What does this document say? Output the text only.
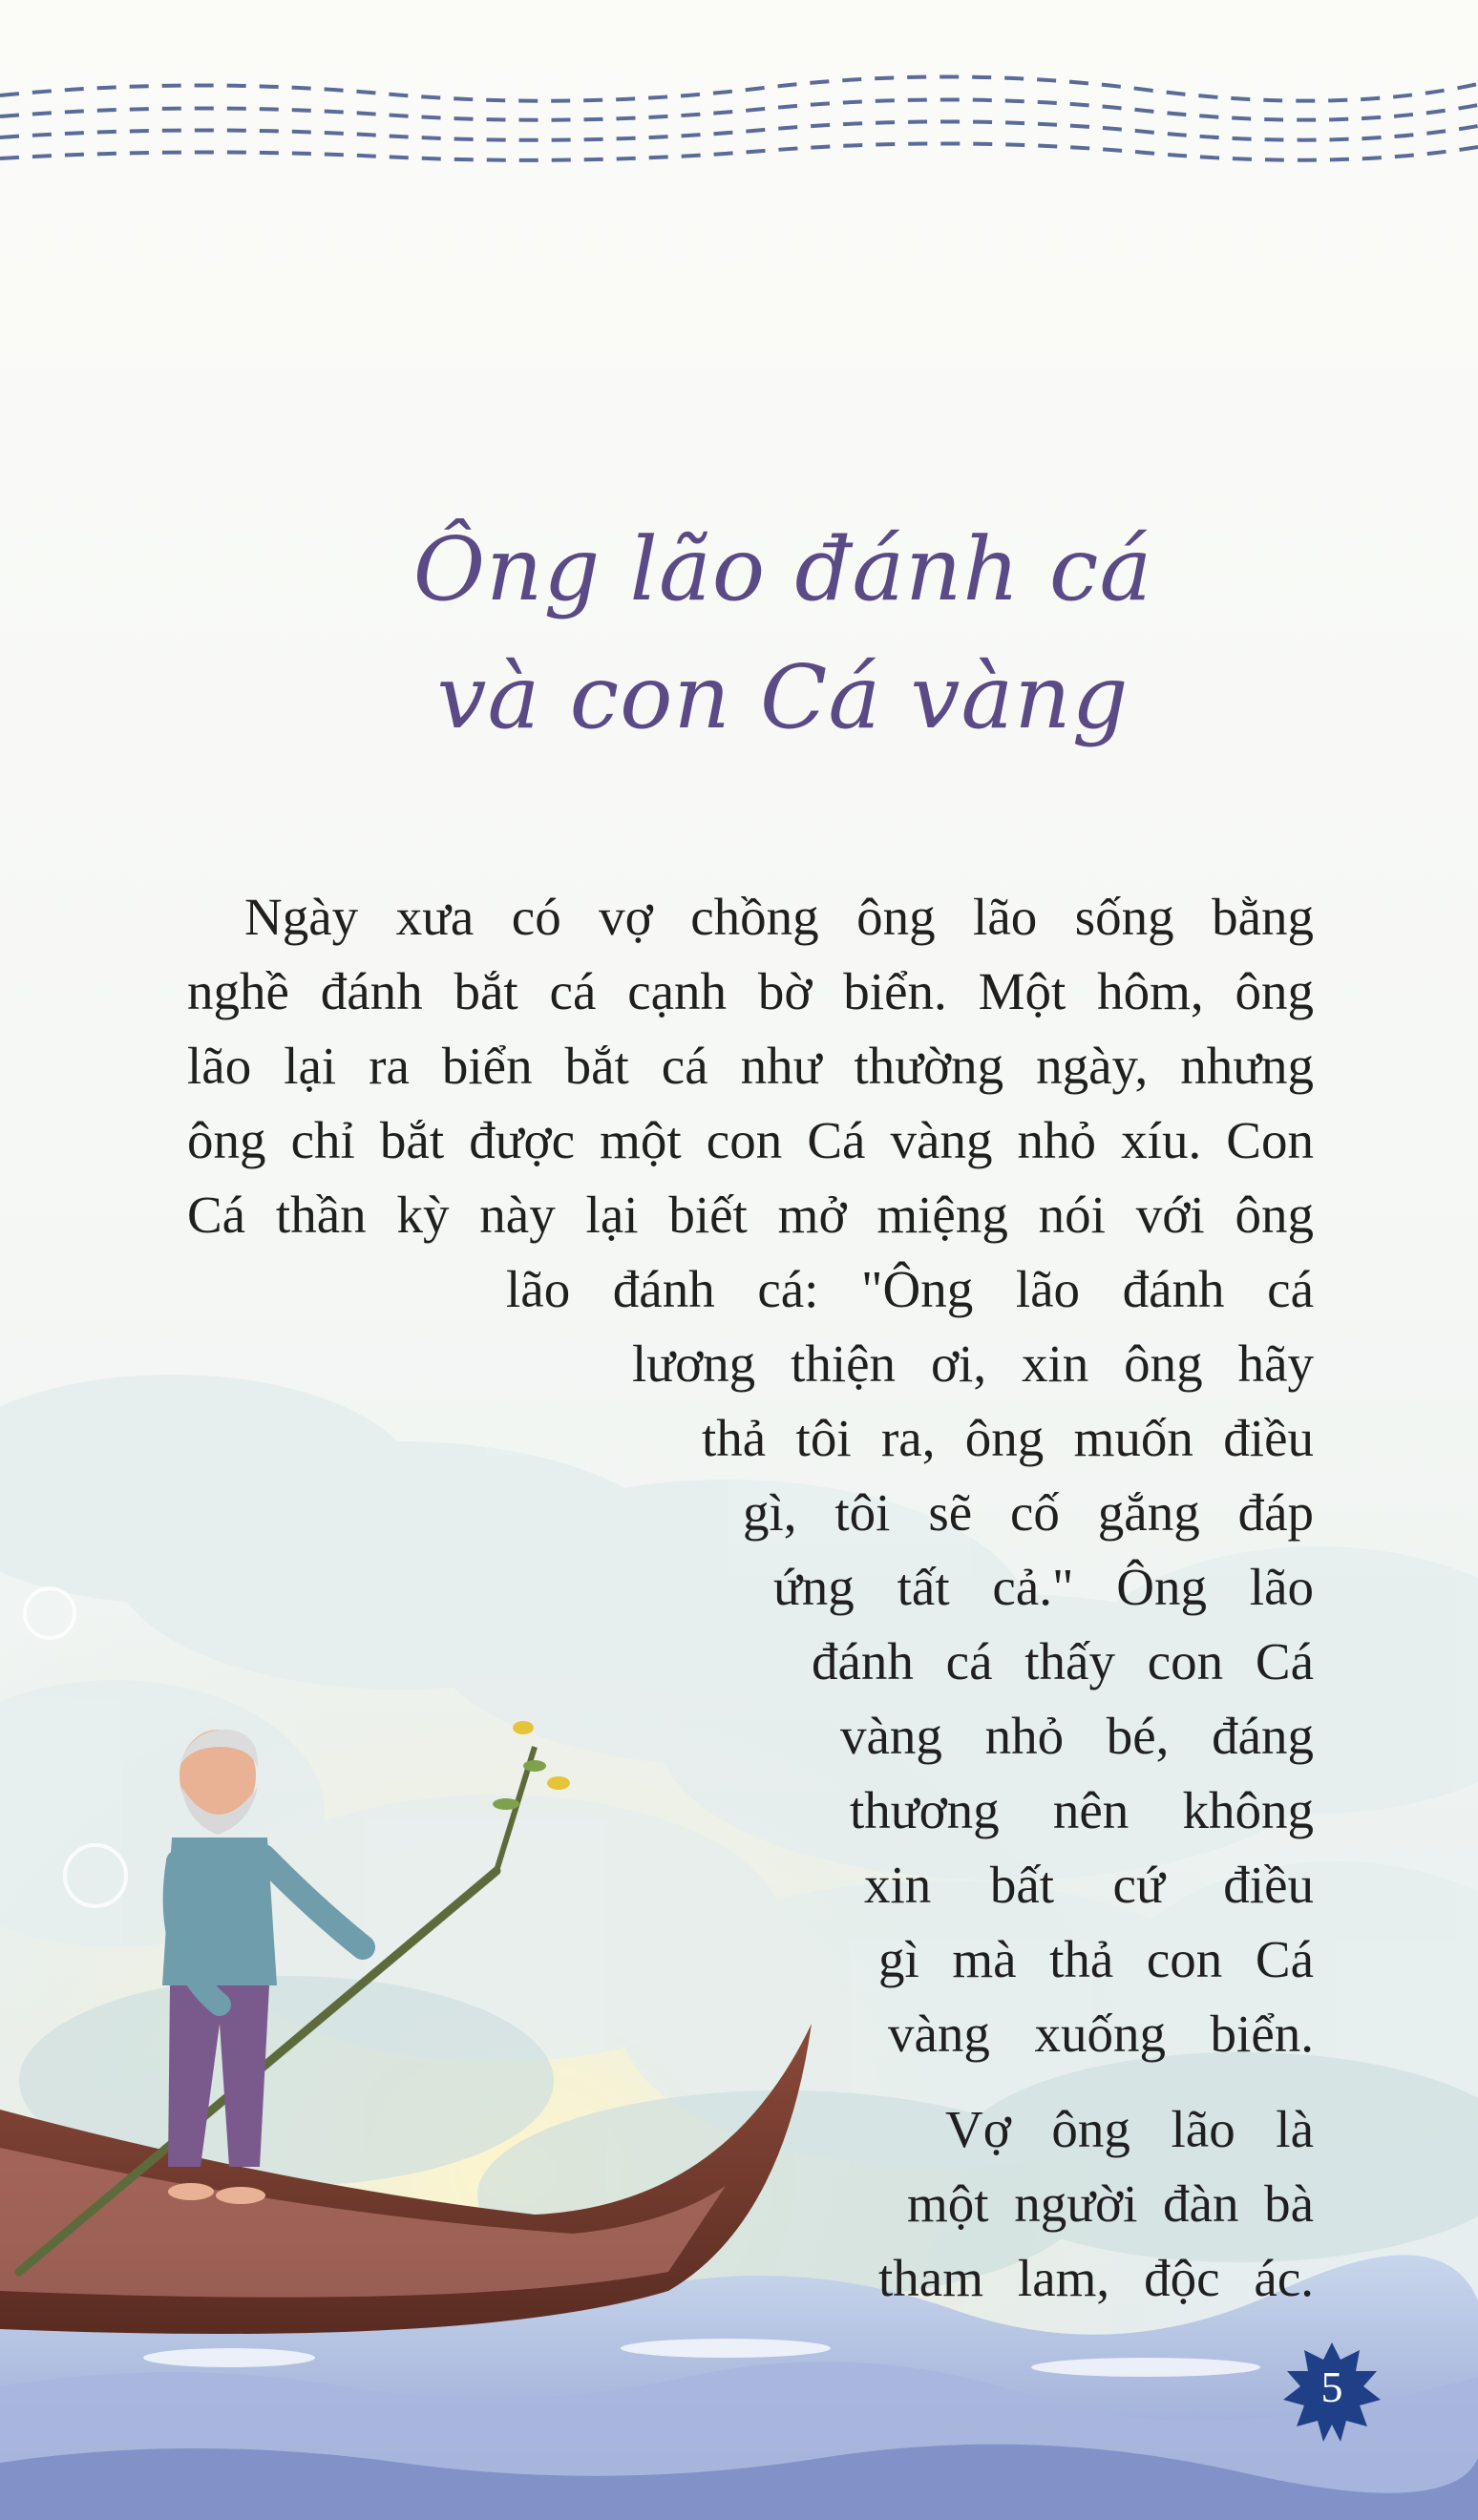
Ông lão đánh cá
và con Cá vàng
Ngày xưa có vợ chồng ông lão sống bằng
nghề đánh bắt cá cạnh bờ biển. Một hôm, ông
lão lại ra biển bắt cá như thường ngày, nhưng
ông chỉ bắt được một con Cá vàng nhỏ xíu. Con
Cá thần kỳ này lại biết mở miệng nói với ông
lão đánh cá: "Ông lão đánh cá
lương thiện ơi, xin ông hãy
thả tôi ra, ông muốn điều
gì, tôi sẽ cố gắng đáp
ứng tất cả." Ông lão
đánh cá thấy con Cá
vàng nhỏ bé, đáng
thương nên không
xin bất cứ điều
gì mà thả con Cá
vàng xuống biển.
Vợ ông lão là
một người đàn bà
tham lam, độc ác.
5
